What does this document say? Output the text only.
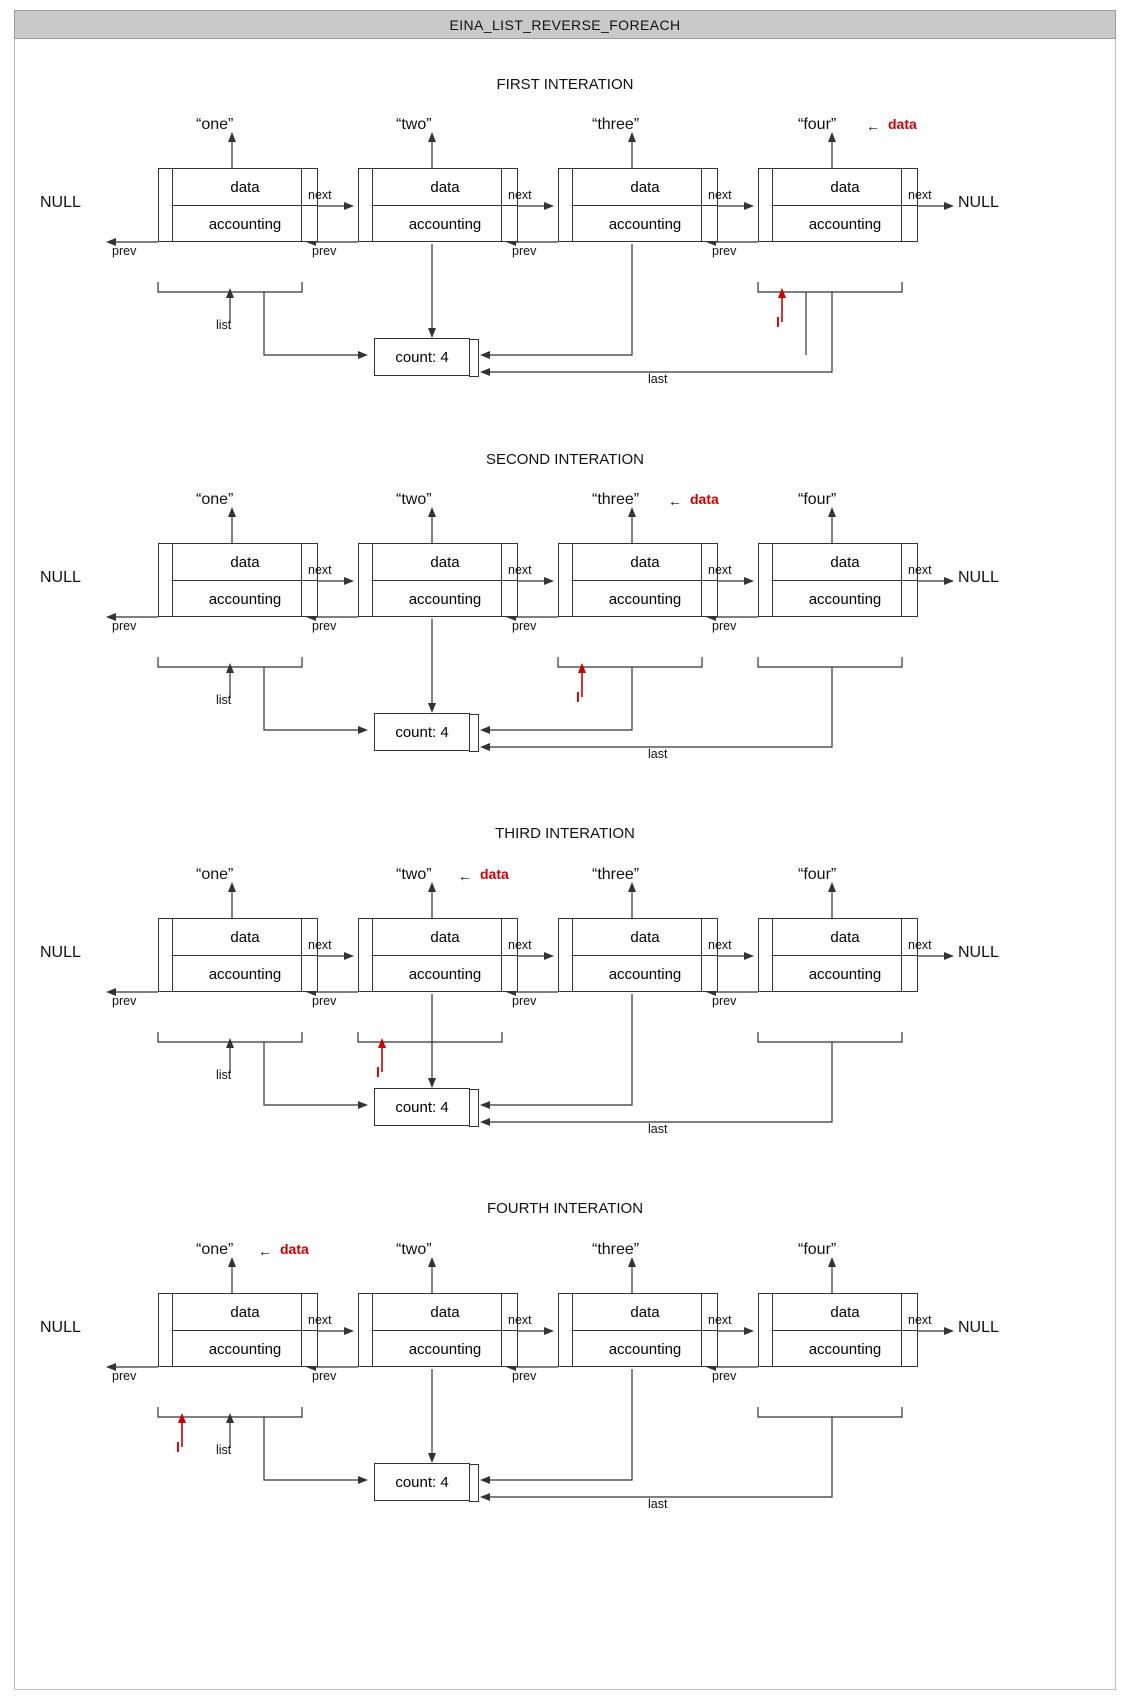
EINA_LIST_REVERSE_FOREACH
FIRST INTERATION
“one”	“two”	“three”	“four” ← data
data
accounting
data
accounting
data
accounting
data
accounting
NULL	NULL
next	next	next	next
prev	prev	prev	prev
list	l
count: 4
last
SECOND INTERATION
“one”	“two”	“three”	“four”
← data
data
accounting
data
accounting
data
accounting
data
accounting
NULL	NULL
next	next	next	next
prev	prev	prev	prev
list	l
count: 4
last
THIRD INTERATION
“one”	“two”	“three”	“four”
← data
data
accounting
data
accounting
data
accounting
data
accounting
NULL	NULL
next	next	next	next
prev	prev	prev	prev
list	l
count: 4
last
FOURTH INTERATION
“one”	“two”	“three”	“four”
← data
data
accounting
data
accounting
data
accounting
data
accounting
NULL	NULL
next	next	next	next
prev	prev	prev	prev
l	list
count: 4
last
